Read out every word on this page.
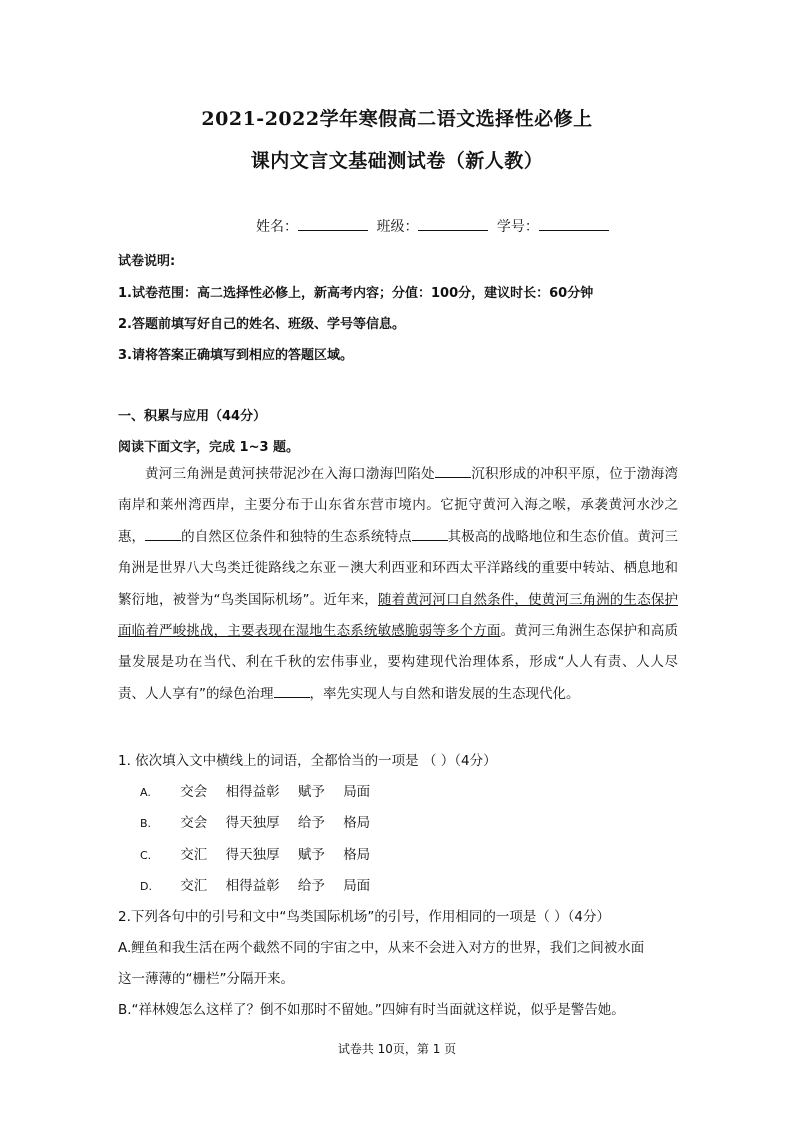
2021-2022学年寒假高二语文选择性必修上
课内文言文基础测试卷（新人教）
姓名：	班级：	学号：
试卷说明:
1.试卷范围：高二选择性必修上，新高考内容；分值：100分，建议时长：60分钟
2.答题前填写好自己的姓名、班级、学号等信息。
3.请将答案正确填写到相应的答题区域。
一、积累与应用（44分）
阅读下面文字，完成 1~3 题。
黄河三角洲是黄河挟带泥沙在入海口渤海凹陷处	沉积形成的冲积平原，位于渤海湾南岸和莱州湾西岸，主要分布于山东省东营市境内。它扼守黄河入海之喉，承袭黄河水沙之惠，	的自然区位条件和独特的生态系统特点	其极高的战略地位和生态价值。黄河三角洲是世界八大鸟类迁徙路线之东亚－澳大利西亚和环西太平洋路线的重要中转站、栖息地和繁衍地，被誉为“鸟类国际机场”。近年来，随着黄河河口自然条件，使黄河三角洲的生态保护面临着严峻挑战，主要表现在湿地生态系统敏感脆弱等多个方面。黄河三角洲生态保护和高质量发展是功在当代、利在千秋的宏伟事业，要构建现代治理体系，形成“人人有责、人人尽责、人人享有”的绿色治理	，率先实现人与自然和谐发展的生态现代化。
1. 依次填入文中横线上的词语，全都恰当的一项是 （ ）（4分）
A. 交会 相得益彰 赋予 局面
B. 交会 得天独厚 给予 格局
C. 交汇 得天独厚 赋予 格局
D. 交汇 相得益彰 给予 局面
2.下列各句中的引号和文中“鸟类国际机场”的引号，作用相同的一项是（ ）（4分）
A.鲤鱼和我生活在两个截然不同的宇宙之中，从来不会进入对方的世界，我们之间被水面
这一薄薄的“栅栏”分隔开来。
B.“祥林嫂怎么这样了？倒不如那时不留她。”四婶有时当面就这样说，似乎是警告她。
试卷共 10页，第 1 页
